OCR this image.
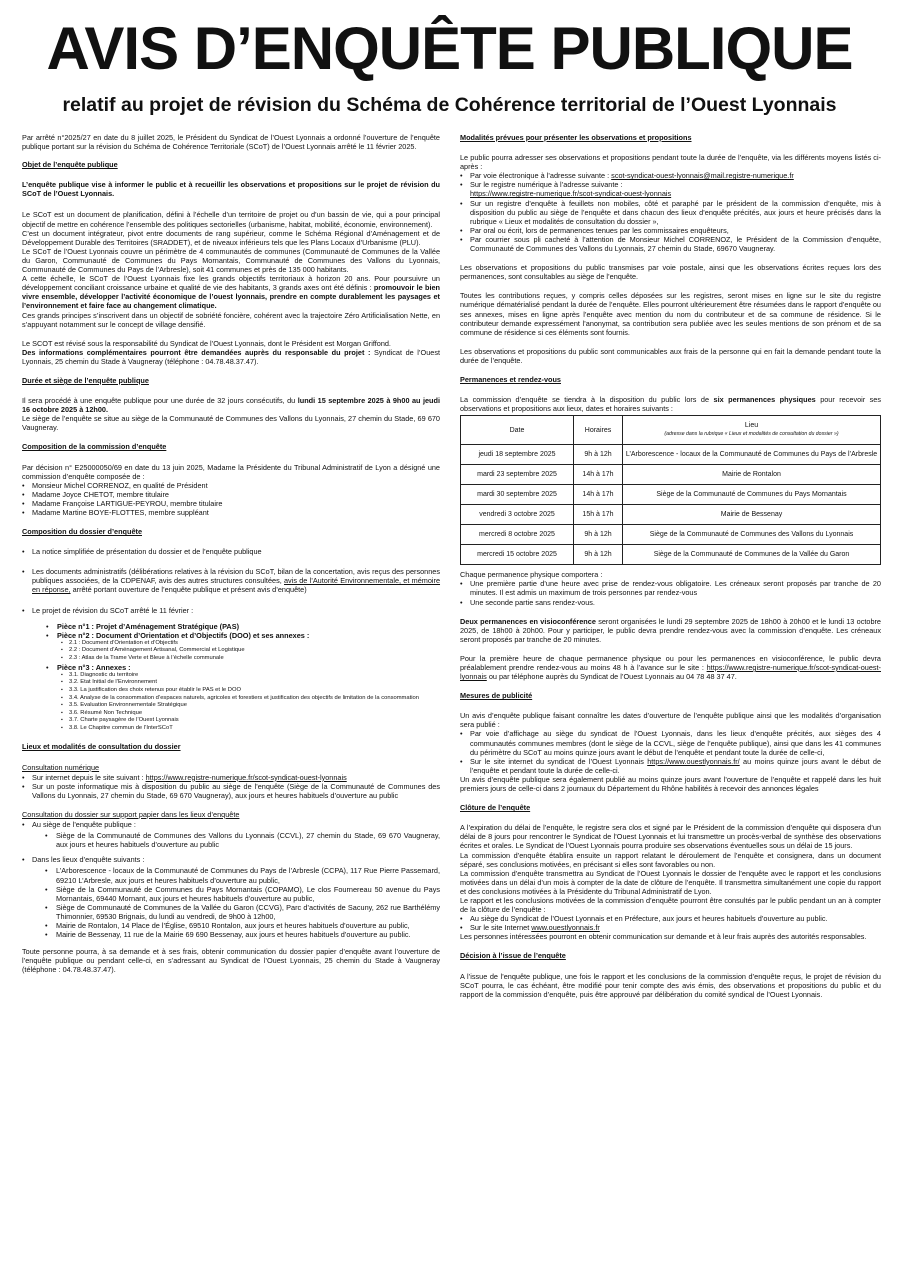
AVIS D’ENQUÊTE PUBLIQUE
relatif au projet de révision du Schéma de Cohérence territorial de l’Ouest Lyonnais

Par arrêté n°2025/27 en date du 8 juillet 2025, le Président du Syndicat de l’Ouest Lyonnais a ordonné l’ouverture de l’enquête publique portant sur la révision du Schéma de Cohérence Territoriale (SCoT) de l’Ouest Lyonnais arrêté le 11 février 2025.

Objet de l’enquête publique

L’enquête publique vise à informer le public et à recueillir les observations et propositions sur le projet de révision du SCoT de l’Ouest Lyonnais.

Le SCoT est un document de planification, défini à l’échelle d’un territoire de projet ou d’un bassin de vie, qui a pour principal objectif de mettre en cohérence l’ensemble des politiques sectorielles (urbanisme, habitat, mobilité, économie, environnement).

C’est un document intégrateur, pivot entre documents de rang supérieur, comme le Schéma Régional d’Aménagement et de Développement Durable des Territoires (SRADDET), et de niveaux inférieurs tels que les Plans Locaux d’Urbanisme (PLU).

Le SCoT de l’Ouest Lyonnais couvre un périmètre de 4 communautés de communes (Communauté de Communes de la Vallée du Garon, Communauté de Communes du Pays Mornantais, Communauté de Communes des Vallons du Lyonnais, Communauté de Communes du Pays de l’Arbresle), soit 41 communes et près de 135 000 habitants.

A cette échelle, le SCoT de l’Ouest Lyonnais fixe les grands objectifs territoriaux à horizon 20 ans. Pour poursuivre un développement conciliant croissance urbaine et qualité de vie des habitants, 3 grands axes ont été définis : promouvoir le bien vivre ensemble, développer l’activité économique de l’ouest lyonnais, prendre en compte durablement les paysages et l’environnement et faire face au changement climatique.

Ces grands principes s’inscrivent dans un objectif de sobriété foncière, cohérent avec la trajectoire Zéro Artificialisation Nette, en s’appuyant notamment sur le concept de village densifié.

Le SCOT est révisé sous la responsabilité du Syndicat de l’Ouest Lyonnais, dont le Président est Morgan Griffond.

Des informations complémentaires pourront être demandées auprès du responsable du projet : Syndicat de l’Ouest Lyonnais, 25 chemin du Stade à Vaugneray (téléphone : 04.78.48.37.47).

Durée et siège de l’enquête publique

Il sera procédé à une enquête publique pour une durée de 32 jours consécutifs, du lundi 15 septembre 2025 à 9h00 au jeudi 16 octobre 2025 à 12h00.

Le siège de l’enquête se situe au siège de la Communauté de Communes des Vallons du Lyonnais, 27 chemin du Stade, 69 670 Vaugneray.

Composition de la commission d’enquête

Par décision n° E25000050/69 en date du 13 juin 2025, Madame la Présidente du Tribunal Administratif de Lyon a désigné une commission d’enquête composée de :

• Monsieur Michel CORRENOZ, en qualité de Président
• Madame Joyce CHETOT, membre titulaire
• Madame Françoise LARTIGUE-PEYROU, membre titulaire
• Madame Martine BOYE-FLOTTES, membre suppléant

Composition du dossier d’enquête

• La notice simplifiée de présentation du dossier et de l’enquête publique
• Les documents administratifs (délibérations relatives à la révision du SCoT, bilan de la concertation, avis reçus des personnes publiques associées, de la CDPENAF, avis des autres structures consultées, avis de l’Autorité Environnementale, et mémoire en réponse, arrêté portant ouverture de l’enquête publique et présent avis d’enquête)
• Le projet de révision du SCoT arrêté le 11 février :
• Pièce n°1 : Projet d’Aménagement Stratégique (PAS)
• Pièce n°2 : Document d’Orientation et d’Objectifs (DOO) et ses annexes :
▪ 2.1 : Document d’Orientation et d’Objectifs
▪ 2.2 : Document d’Aménagement Artisanal, Commercial et Logistique
▪ 2.3 : Atlas de la Trame Verte et Bleue à l’échelle communale
• Pièce n°3 : Annexes :
▪ 3.1. Diagnostic du territoire
▪ 3.2. Etat Initial de l’Environnement
▪ 3.3. La justification des choix retenus pour établir le PAS et le DOO
▪ 3.4. Analyse de la consommation d’espaces naturels, agricoles et forestiers et justification des objectifs de limitation de la consommation
▪ 3.5. Evaluation Environnementale Stratégique
▪ 3.6. Résumé Non Technique
▪ 3.7. Charte paysagère de l’Ouest Lyonnais
▪ 3.8. Le Chapitre commun de l’InterSCoT

Lieux et modalités de consultation du dossier

Consultation numérique

• Sur internet depuis le site suivant : https://www.registre-numerique.fr/scot-syndicat-ouest-lyonnais
• Sur un poste informatique mis à disposition du public au siège de l’enquête (Siège de la Communauté de Communes des Vallons du Lyonnais, 27 chemin du Stade, 69 670 Vaugneray), aux jours et heures habituels d’ouverture au public

Consultation du dossier sur support papier dans les lieux d’enquête

• Au siège de l’enquête publique :
• Siège de la Communauté de Communes des Vallons du Lyonnais (CCVL), 27 chemin du Stade, 69 670 Vaugneray, aux jours et heures habituels d’ouverture au public
• Dans les lieux d’enquête suivants :
• L’Arborescence - locaux de la Communauté de Communes du Pays de l’Arbresle (CCPA), 117 Rue Pierre Passemard, 69210 L’Arbresle, aux jours et heures habituels d’ouverture au public,
• Siège de la Communauté de Communes du Pays Mornantais (COPAMO), Le clos Fournereau 50 avenue du Pays Mornantais, 69440 Mornant, aux jours et heures habituels d’ouverture au public,
• Siège de Communauté de Communes de la Vallée du Garon (CCVG), Parc d’activités de Sacuny, 262 rue Barthélémy Thimonnier, 69530 Brignais, du lundi au vendredi, de 9h00 à 12h00,
• Mairie de Rontalon, 14 Place de l’Église, 69510 Rontalon, aux jours et heures habituels d’ouverture au public,
• Mairie de Bessenay, 11 rue de la Mairie 69 690 Bessenay, aux jours et heures habituels d’ouverture au public.

Toute personne pourra, à sa demande et à ses frais, obtenir communication du dossier papier d’enquête avant l’ouverture de l’enquête publique ou pendant celle-ci, en s’adressant au Syndicat de l’Ouest Lyonnais, 25 chemin du Stade à Vaugneray (téléphone : 04.78.48.37.47).

Modalités prévues pour présenter les observations et propositions

Le public pourra adresser ses observations et propositions pendant toute la durée de l’enquête, via les différents moyens listés ci-après :

• Par voie électronique à l’adresse suivante : scot-syndicat-ouest-lyonnais@mail.registre-numerique.fr
• Sur le registre numérique à l’adresse suivante :
https://www.registre-numerique.fr/scot-syndicat-ouest-lyonnais
• Sur un registre d’enquête à feuillets non mobiles, côté et paraphé par le président de la commission d’enquête, mis à disposition du public au siège de l’enquête et dans chacun des lieux d’enquête précités, aux jours et heure précisés dans la rubrique « Lieux et modalités de consultation du dossier »,
• Par oral ou écrit, lors de permanences tenues par les commissaires enquêteurs,
• Par courrier sous pli cacheté à l’attention de Monsieur Michel CORRENOZ, le Président de la Commission d’enquête, Communauté de Communes des Vallons du Lyonnais, 27 chemin du Stade, 69670 Vaugneray.

Les observations et propositions du public transmises par voie postale, ainsi que les observations écrites reçues lors des permanences, sont consultables au siège de l’enquête.

Toutes les contributions reçues, y compris celles déposées sur les registres, seront mises en ligne sur le site du registre numérique dématérialisé pendant la durée de l’enquête. Elles pourront ultérieurement être résumées dans le rapport d’enquête ou ses annexes, mises en ligne après l’enquête avec mention du nom du contributeur et de sa commune de résidence. Si le contributeur demande expressément l’anonymat, sa contribution sera publiée avec les seules mentions de son prénom et de sa commune de résidence si ces éléments sont fournis.

Les observations et propositions du public sont communicables aux frais de la personne qui en fait la demande pendant toute la durée de l’enquête.

Permanences et rendez-vous

La commission d’enquête se tiendra à la disposition du public lors de six permanences physiques pour recevoir ses observations et propositions aux lieux, dates et horaires suivants :

Date	Horaires	Lieu
(adresse dans la rubrique « Lieux et modalités de consultation du dossier »)

jeudi 18 septembre 2025	9h à 12h	L’Arborescence - locaux de la Communauté de Communes du Pays de l’Arbresle
mardi 23 septembre 2025	14h à 17h	Mairie de Rontalon
mardi 30 septembre 2025	14h à 17h	Siège de la Communauté de Communes du Pays Mornantais
vendredi 3 octobre 2025	15h à 17h	Mairie de Bessenay
mercredi 8 octobre 2025	9h à 12h	Siège de la Communauté de Communes des Vallons du Lyonnais
mercredi 15 octobre 2025	9h à 12h	Siège de la Communauté de Communes de la Vallée du Garon

Chaque permanence physique comportera :

• Une première partie d’une heure avec prise de rendez-vous obligatoire. Les créneaux seront proposés par tranche de 20 minutes. Il est admis un maximum de trois personnes par rendez-vous
• Une seconde partie sans rendez-vous.

Deux permanences en visioconférence seront organisées le lundi 29 septembre 2025 de 18h00 à 20h00 et le lundi 13 octobre 2025, de 18h00 à 20h00. Pour y participer, le public devra prendre rendez-vous avec la commission d’enquête. Les créneaux seront proposés par tranche de 20 minutes.

Pour la première heure de chaque permanence physique ou pour les permanences en visioconférence, le public devra préalablement prendre rendez-vous au moins 48 h à l’avance sur le site : https://www.registre-numerique.fr/scot-syndicat-ouest-lyonnais ou par téléphone auprès du Syndicat de l’Ouest Lyonnais au 04 78 48 37 47.

Mesures de publicité

Un avis d’enquête publique faisant connaître les dates d’ouverture de l’enquête publique ainsi que les modalités d’organisation sera publié :

• Par voie d’affichage au siège du syndicat de l’Ouest Lyonnais, dans les lieux d’enquête précités, aux sièges des 4 communautés communes membres (dont le siège de la CCVL, siège de l’enquête publique), ainsi que dans les 41 communes du périmètre du SCoT au moins quinze jours avant le début de l’enquête et pendant toute la durée de celle-ci,
• Sur le site internet du syndicat de l’Ouest Lyonnais https://www.ouestlyonnais.fr/ au moins quinze jours avant le début de l’enquête et pendant toute la durée de celle-ci.

Un avis d’enquête publique sera également publié au moins quinze jours avant l’ouverture de l’enquête et rappelé dans les huit premiers jours de celle-ci dans 2 journaux du Département du Rhône habilités à recevoir des annonces légales

Clôture de l’enquête

A l’expiration du délai de l’enquête, le registre sera clos et signé par le Président de la commission d’enquête qui disposera d’un délai de 8 jours pour rencontrer le Syndicat de l’Ouest Lyonnais et lui transmettre un procès-verbal de synthèse des observations écrites et orales. Le Syndicat de l’Ouest Lyonnais pourra produire ses observations éventuelles sous un délai de 15 jours.

La commission d’enquête établira ensuite un rapport relatant le déroulement de l’enquête et consignera, dans un document séparé, ses conclusions motivées, en précisant si elles sont favorables ou non.

La commission d’enquête transmettra au Syndicat de l’Ouest Lyonnais le dossier de l’enquête avec le rapport et les conclusions motivées dans un délai d’un mois à compter de la date de clôture de l’enquête. Il transmettra simultanément une copie du rapport et des conclusions motivées à la Présidente du Tribunal Administratif de Lyon.

Le rapport et les conclusions motivées de la commission d’enquête pourront être consultés par le public pendant un an à compter de la clôture de l’enquête :

• Au siège du Syndicat de l’Ouest Lyonnais et en Préfecture, aux jours et heures habituels d’ouverture au public.
• Sur le site Internet www.ouestlyonnais.fr

Les personnes intéressées pourront en obtenir communication sur demande et à leur frais auprès des autorités responsables.

Décision à l’issue de l’enquête

A l’issue de l’enquête publique, une fois le rapport et les conclusions de la commission d’enquête reçus, le projet de révision du SCoT pourra, le cas échéant, être modifié pour tenir compte des avis émis, des observations et propositions du public et du rapport de la commission d’enquête, puis être approuvé par délibération du comité syndical de l’Ouest Lyonnais.
